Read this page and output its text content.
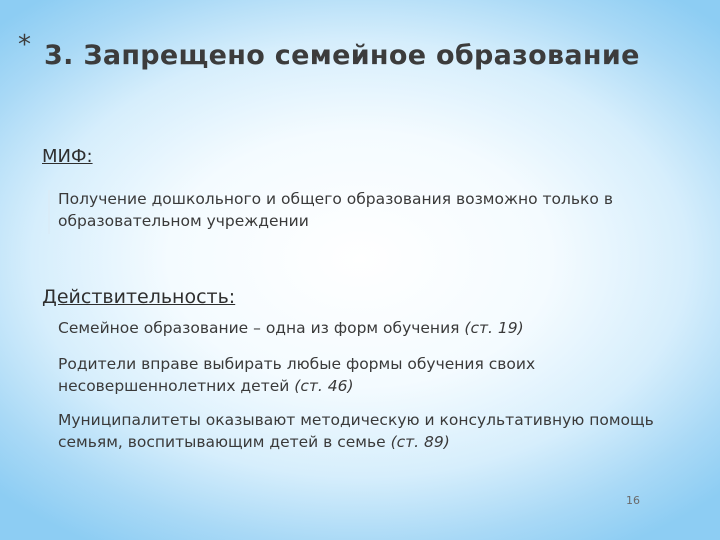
* 3. Запрещено семейное образование
МИФ:
Получение дошкольного и общего образования возможно только в образовательном учреждении
Действительность:
Семейное образование – одна из форм обучения (ст. 19)
Родители вправе выбирать любые формы обучения своих несовершеннолетних детей (ст. 46)
Муниципалитеты оказывают методическую и консультативную помощь семьям, воспитывающим детей в семье (ст. 89)
16
